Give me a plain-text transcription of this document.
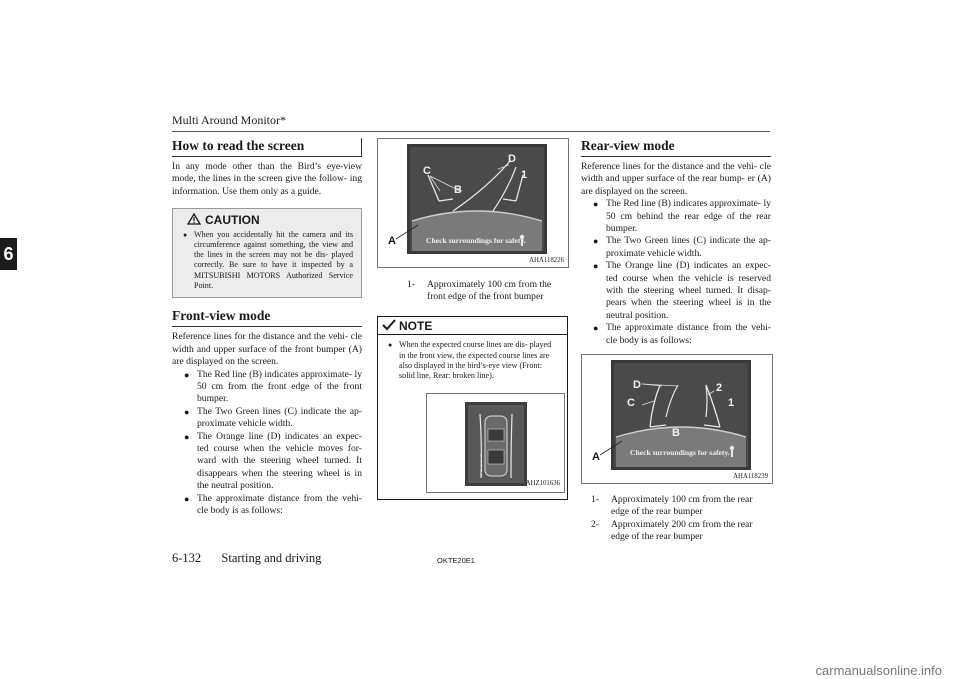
Multi Around Monitor*
6
How to read the screen

In any mode other than the Bird’s eye-view mode, the lines in the screen give the follow- ing information. Use them only as a guide.

CAUTION
● When you accidentally hit the camera and its circumference against something, the view and the lines in the screen may not be dis- played correctly. Be sure to have it inspected by a MITSUBISHI MOTORS Authorized Service Point.
Front-view mode

Reference lines for the distance and the vehi- cle width and upper surface of the front bumper (A) are displayed on the screen.

● The Red line (B) indicates approximate- ly 50 cm from the front edge of the front bumper.
● The Two Green lines (C) indicate the ap- proximate vehicle width.
● The Orange line (D) indicates an expec- ted course when the vehicle moves for- ward with the steering wheel turned. It disappears when the steering wheel is in the neutral position.
● The approximate distance from the vehi- cle body is as follows:
C
D
B
1
A	Check surroundings for safety.
AHA118226
1-	Approximately 100 cm from the front edge of the front bumper
NOTE
● When the expected course lines are dis- played in the front view, the expected course lines are also displayed in the bird’s-eye view (Front: solid line, Rear: broken line).
AHZ101636
Rear-view mode

Reference lines for the distance and the vehi- cle width and upper surface of the rear bump- er (A) are displayed on the screen.

● The Red line (B) indicates approximate- ly 50 cm behind the rear edge of the rear bumper.
● The Two Green lines (C) indicate the ap- proximate vehicle width.
● The Orange line (D) indicates an expec- ted course when the vehicle is reserved with the steering wheel turned. It disap- pears when the steering wheel is in the neutral position.
● The approximate distance from the vehi- cle body is as follows:
D
C
2
1
B
A	Check surroundings for safety.
AHA118239
1-	Approximately 100 cm from the rear edge of the rear bumper
2-	Approximately 200 cm from the rear edge of the rear bumper
6-132 Starting and driving	OKTE20E1
carmanualsonline.info
